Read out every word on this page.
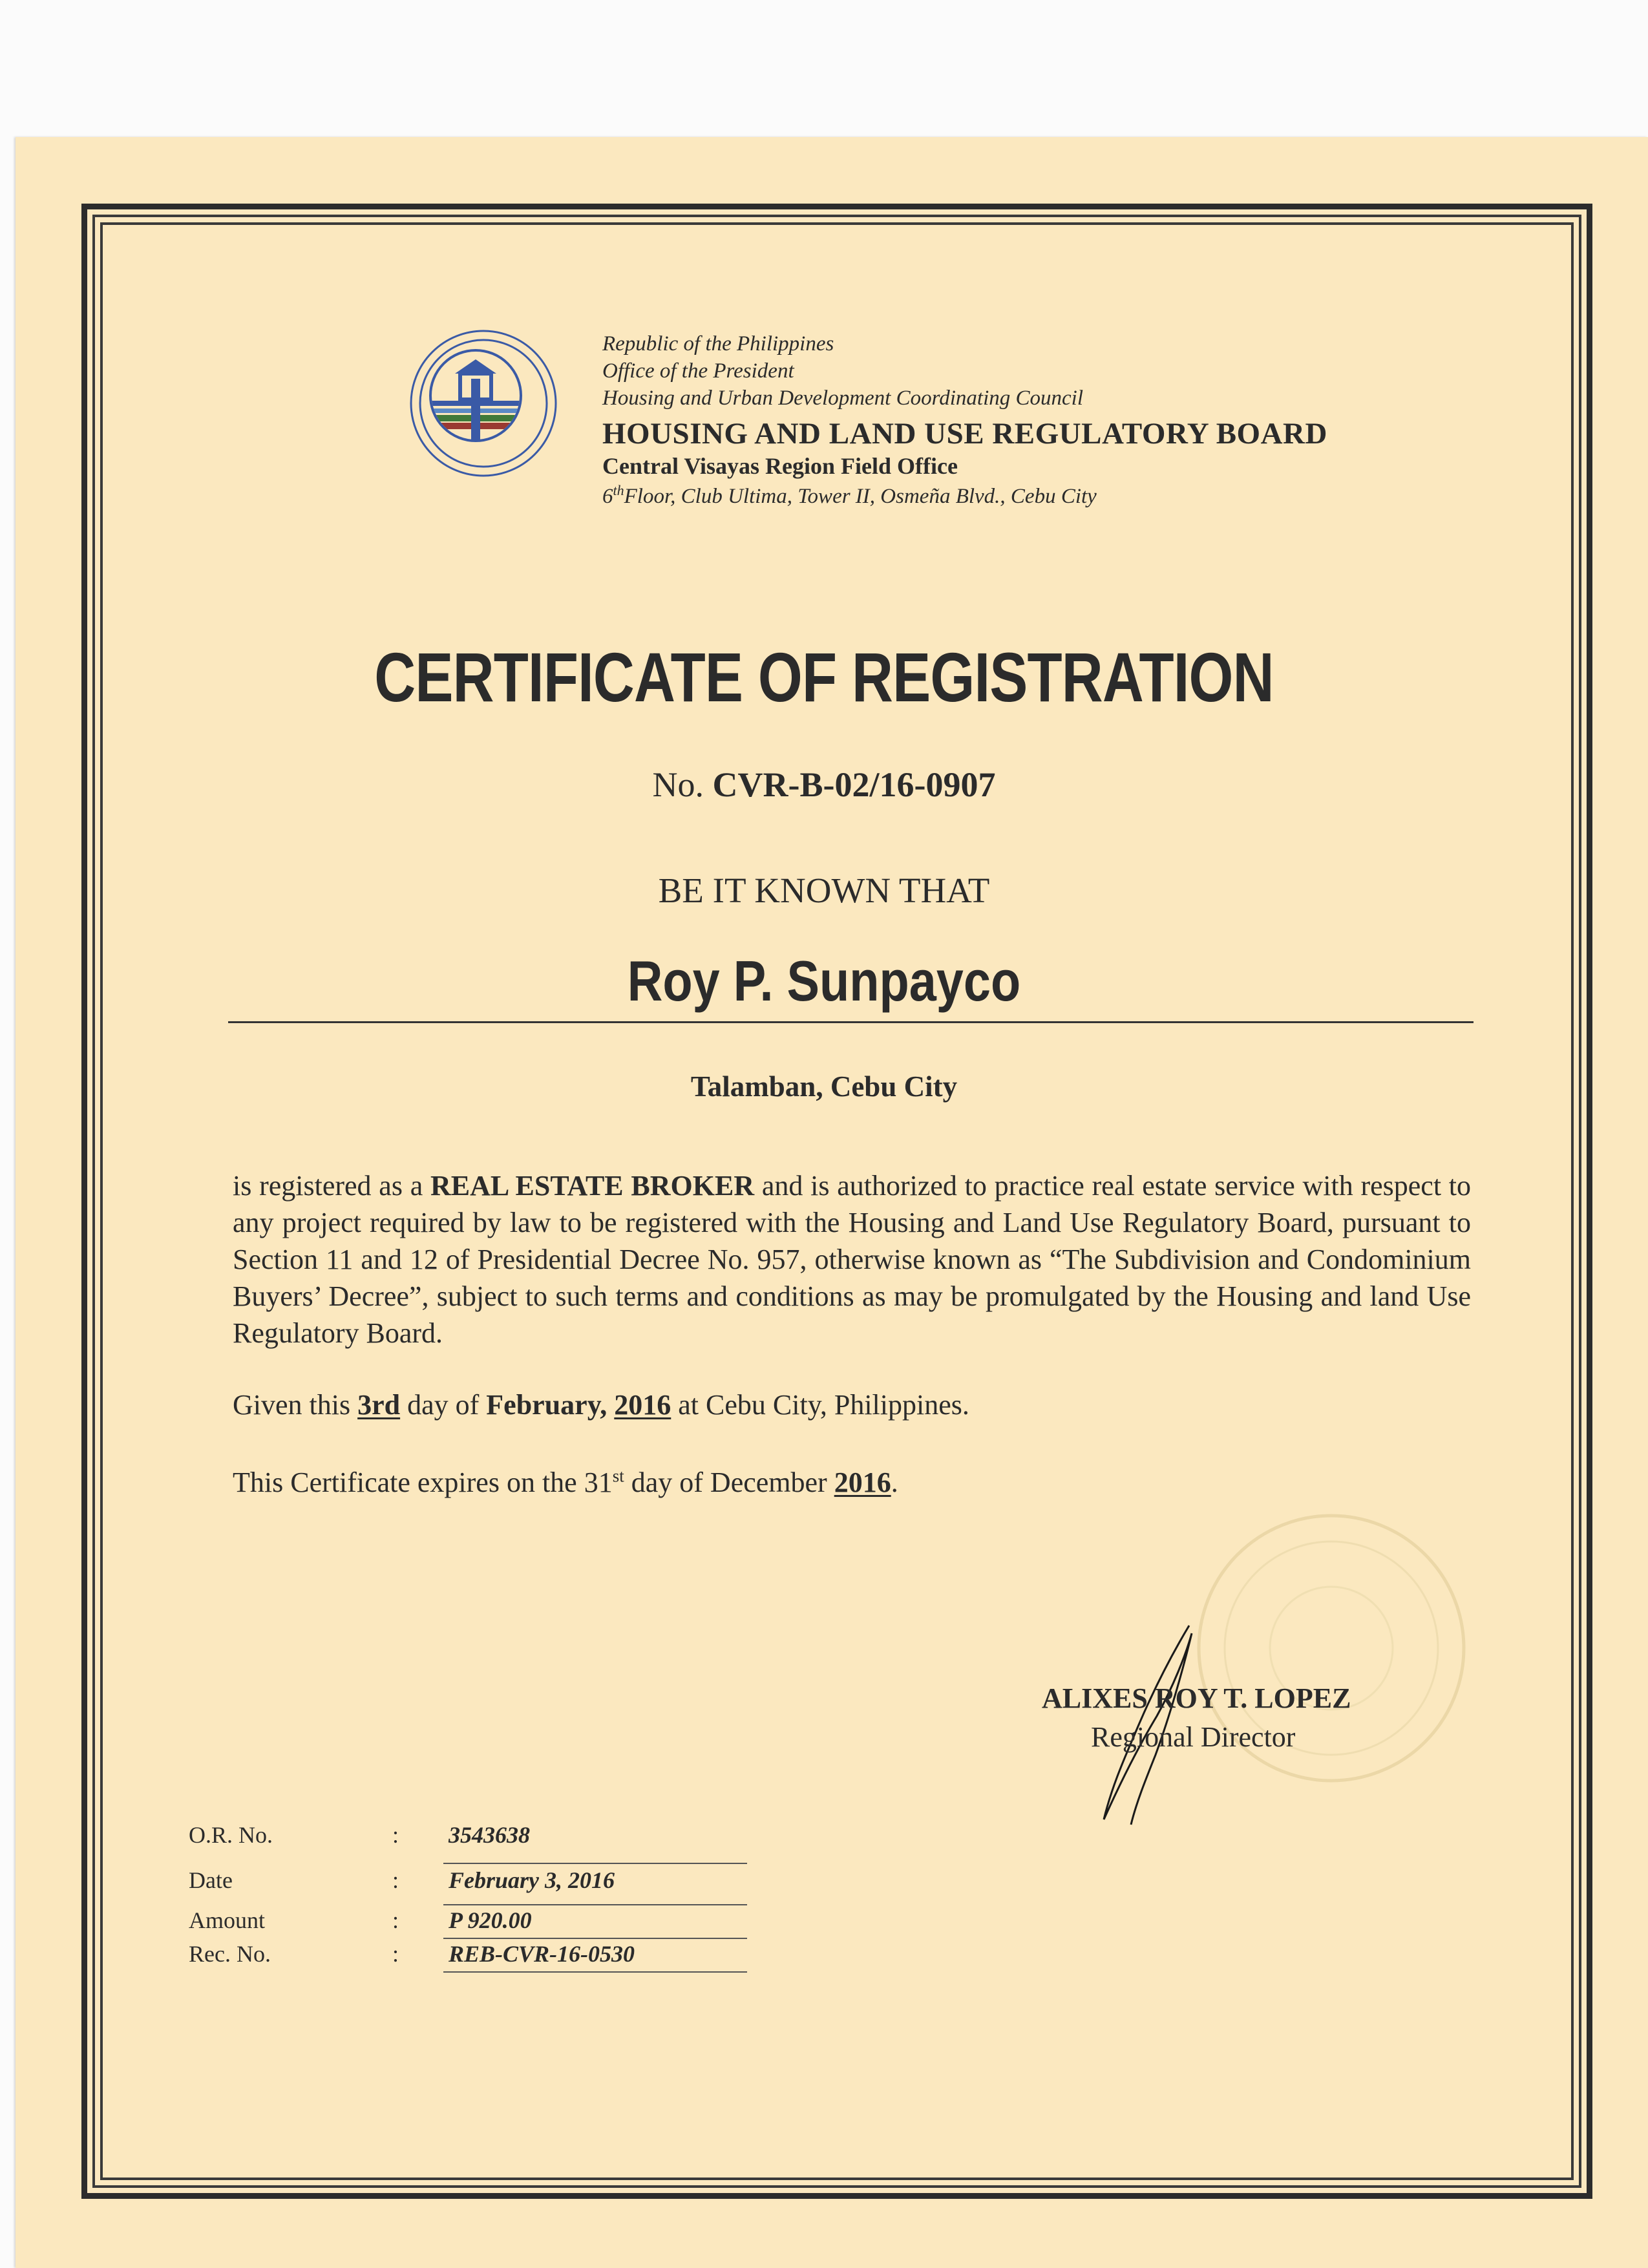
Republic of the Philippines
Office of the President
Housing and Urban Development Coordinating Council
HOUSING AND LAND USE REGULATORY BOARD
Central Visayas Region Field Office
6thFloor, Club Ultima, Tower II, Osmeña Blvd., Cebu City
CERTIFICATE OF REGISTRATION
No. CVR-B-02/16-0907
BE IT KNOWN THAT
Roy P. Sunpayco
Talamban, Cebu City
is registered as a REAL ESTATE BROKER and is authorized to practice real estate service with respect to any project required by law to be registered with the Housing and Land Use Regulatory Board, pursuant to Section 11 and 12 of Presidential Decree No. 957, otherwise known as “The Subdivision and Condominium Buyers’ Decree”, subject to such terms and conditions as may be promulgated by the Housing and land Use Regulatory Board.
Given this 3rd day of February, 2016 at Cebu City, Philippines.
This Certificate expires on the 31st day of December 2016.
ALIXES ROY T. LOPEZ
Regional Director
O.R. No.	: 3543638
Date	: February 3, 2016
Amount	: P 920.00
Rec. No.	: REB-CVR-16-0530
